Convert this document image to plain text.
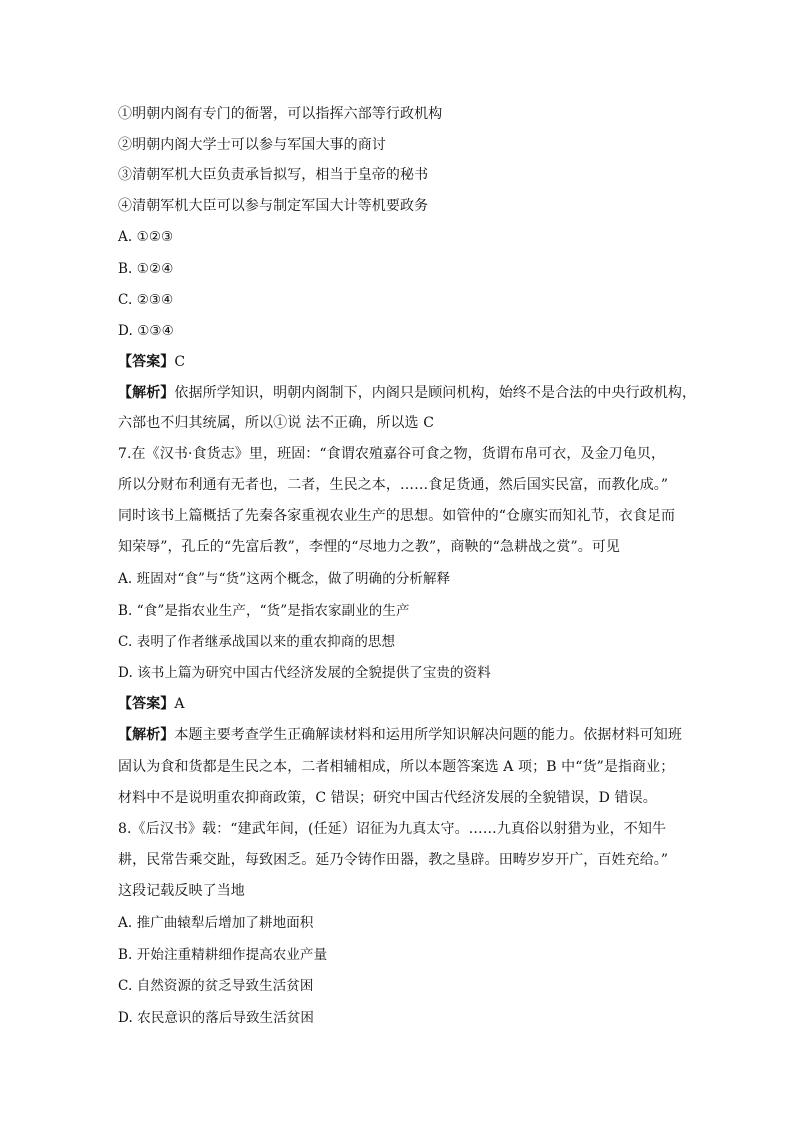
①明朝内阁有专门的衙署，可以指挥六部等行政机构
②明朝内阁大学士可以参与军国大事的商讨
③清朝军机大臣负责承旨拟写，相当于皇帝的秘书
④清朝军机大臣可以参与制定军国大计等机要政务
A. ①②③
B. ①②④
C. ②③④
D. ①③④
【答案】C
【解析】依据所学知识，明朝内阁制下，内阁只是顾问机构，始终不是合法的中央行政机构，
六部也不归其统属，所以①说 法不正确，所以选 C
7.在《汉书·食货志》里，班固：“食谓农殖嘉谷可食之物，货谓布帛可衣，及金刀龟贝，
所以分财布利通有无者也，二者，生民之本，……食足货通，然后国实民富，而教化成。”
同时该书上篇概括了先秦各家重视农业生产的思想。如管仲的“仓廪实而知礼节，衣食足而
知荣辱”，孔丘的“先富后教”，李悝的“尽地力之教”，商鞅的“急耕战之赏”。可见
A. 班固对“食”与“货”这两个概念，做了明确的分析解释
B. “食”是指农业生产，“货”是指农家副业的生产
C. 表明了作者继承战国以来的重农抑商的思想
D. 该书上篇为研究中国古代经济发展的全貌提供了宝贵的资料
【答案】A
【解析】本题主要考查学生正确解读材料和运用所学知识解决问题的能力。依据材料可知班
固认为食和货都是生民之本，二者相辅相成，所以本题答案选 A 项；B 中“货”是指商业；
材料中不是说明重农抑商政策，C 错误；研究中国古代经济发展的全貌错误，D 错误。
8.《后汉书》载：“建武年间，(任延）诏征为九真太守。……九真俗以射猎为业，不知牛
耕，民常告乘交趾，每致困乏。延乃令铸作田器，教之垦辟。田畴岁岁开广，百姓充给。”
这段记载反映了当地
A. 推广曲辕犁后增加了耕地面积
B. 开始注重精耕细作提高农业产量
C. 自然资源的贫乏导致生活贫困
D. 农民意识的落后导致生活贫困
